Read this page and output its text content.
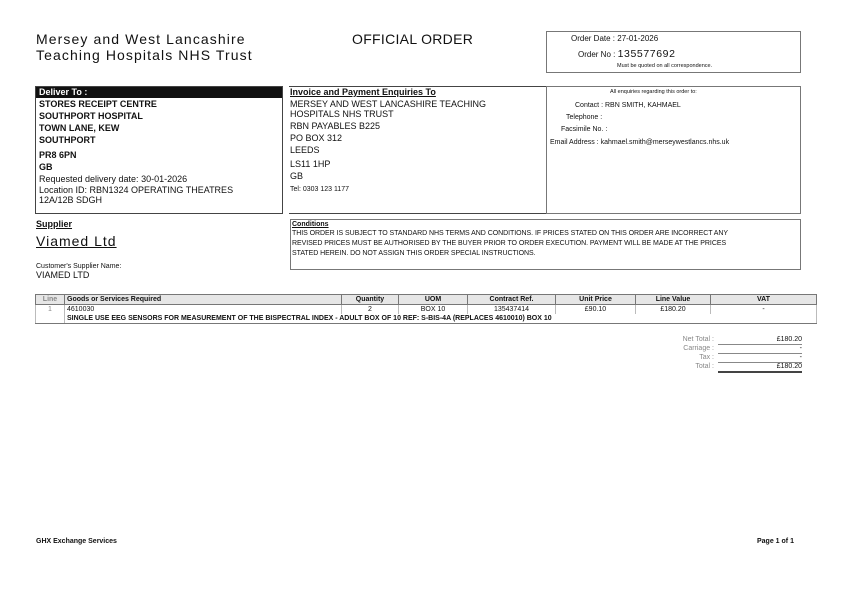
Mersey and West Lancashire
Teaching Hospitals NHS Trust
OFFICIAL ORDER	Order Date : 27-01-2026
Order No : 135577692
Must be quoted on all correspondence.
Deliver To :
STORES RECEIPT CENTRE
SOUTHPORT HOSPITAL
TOWN LANE, KEW
SOUTHPORT
PR8 6PN
GB
Requested delivery date: 30-01-2026
Location ID: RBN1324 OPERATING THEATRES
12A/12B SDGH
Invoice and Payment Enquiries To
MERSEY AND WEST LANCASHIRE TEACHING
HOSPITALS NHS TRUST
RBN PAYABLES B225
PO BOX 312
LEEDS
LS11 1HP
GB
Tel: 0303 123 1177
All enquiries regarding this order to:
Contact : RBN SMITH, KAHMAEL
Telephone :
Facsimile No. :
Email Address : kahmael.smith@merseywestlancs.nhs.uk
Supplier
Viamed Ltd
Customer's Supplier Name:
VIAMED LTD
Conditions
THIS ORDER IS SUBJECT TO STANDARD NHS TERMS AND CONDITIONS. IF PRICES STATED ON THIS ORDER ARE INCORRECT ANY
REVISED PRICES MUST BE AUTHORISED BY THE BUYER PRIOR TO ORDER EXECUTION. PAYMENT WILL BE MADE AT THE PRICES
STATED HEREIN. DO NOT ASSIGN THIS ORDER SPECIAL INSTRUCTIONS.
Line	Goods or Services Required	Quantity	UOM	Contract Ref.	Unit Price	Line Value	VAT
1	4610030	2	BOX 10	135437414	£90.10	£180.20	-
	SINGLE USE EEG SENSORS FOR MEASUREMENT OF THE BISPECTRAL INDEX - ADULT BOX OF 10 REF: S-BIS-4A (REPLACES 4610010) BOX 10						
Net Total :	£180.20
Carriage :	-
Tax :	-
Total :	£180.20
GHX Exchange Services	Page 1 of 1
